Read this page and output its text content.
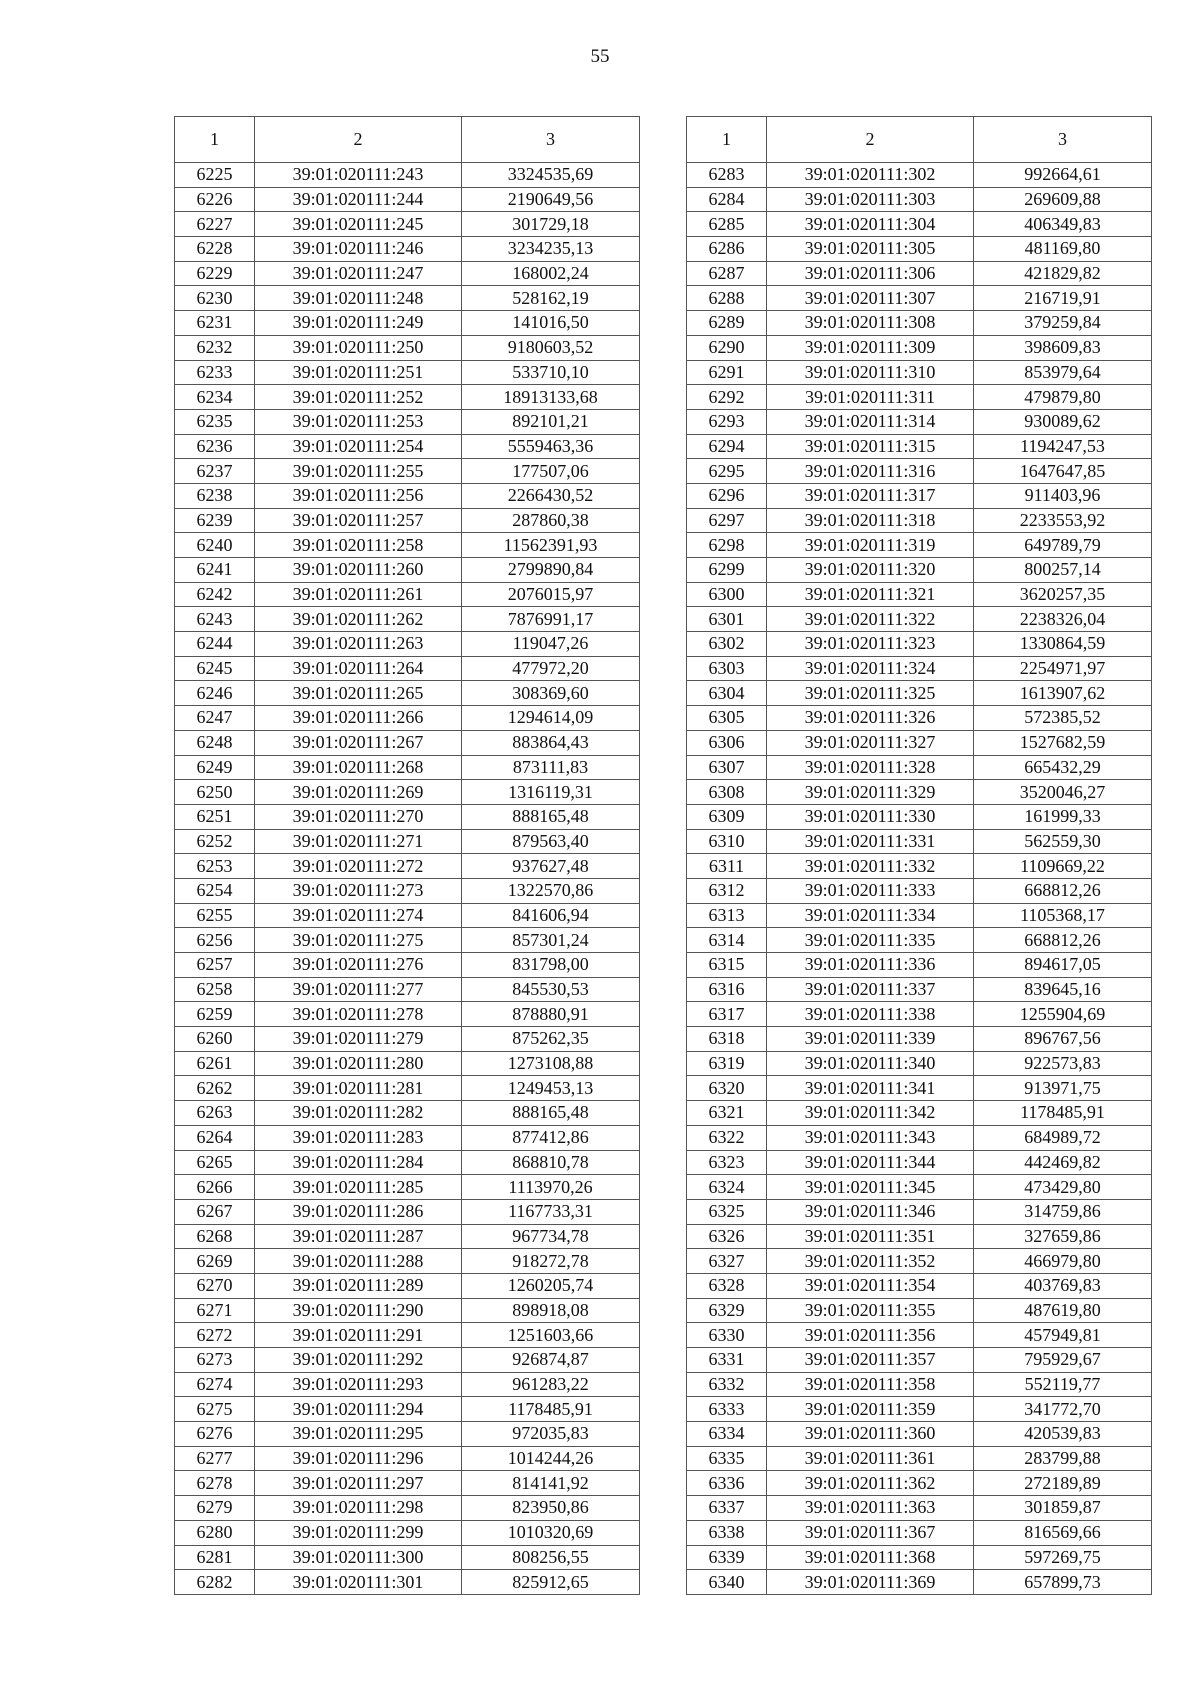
55
1	2	3
6225	39:01:020111:243	3324535,69
6226	39:01:020111:244	2190649,56
6227	39:01:020111:245	301729,18
6228	39:01:020111:246	3234235,13
6229	39:01:020111:247	168002,24
6230	39:01:020111:248	528162,19
6231	39:01:020111:249	141016,50
6232	39:01:020111:250	9180603,52
6233	39:01:020111:251	533710,10
6234	39:01:020111:252	18913133,68
6235	39:01:020111:253	892101,21
6236	39:01:020111:254	5559463,36
6237	39:01:020111:255	177507,06
6238	39:01:020111:256	2266430,52
6239	39:01:020111:257	287860,38
6240	39:01:020111:258	11562391,93
6241	39:01:020111:260	2799890,84
6242	39:01:020111:261	2076015,97
6243	39:01:020111:262	7876991,17
6244	39:01:020111:263	119047,26
6245	39:01:020111:264	477972,20
6246	39:01:020111:265	308369,60
6247	39:01:020111:266	1294614,09
6248	39:01:020111:267	883864,43
6249	39:01:020111:268	873111,83
6250	39:01:020111:269	1316119,31
6251	39:01:020111:270	888165,48
6252	39:01:020111:271	879563,40
6253	39:01:020111:272	937627,48
6254	39:01:020111:273	1322570,86
6255	39:01:020111:274	841606,94
6256	39:01:020111:275	857301,24
6257	39:01:020111:276	831798,00
6258	39:01:020111:277	845530,53
6259	39:01:020111:278	878880,91
6260	39:01:020111:279	875262,35
6261	39:01:020111:280	1273108,88
6262	39:01:020111:281	1249453,13
6263	39:01:020111:282	888165,48
6264	39:01:020111:283	877412,86
6265	39:01:020111:284	868810,78
6266	39:01:020111:285	1113970,26
6267	39:01:020111:286	1167733,31
6268	39:01:020111:287	967734,78
6269	39:01:020111:288	918272,78
6270	39:01:020111:289	1260205,74
6271	39:01:020111:290	898918,08
6272	39:01:020111:291	1251603,66
6273	39:01:020111:292	926874,87
6274	39:01:020111:293	961283,22
6275	39:01:020111:294	1178485,91
6276	39:01:020111:295	972035,83
6277	39:01:020111:296	1014244,26
6278	39:01:020111:297	814141,92
6279	39:01:020111:298	823950,86
6280	39:01:020111:299	1010320,69
6281	39:01:020111:300	808256,55
6282	39:01:020111:301	825912,65
1	2	3
6283	39:01:020111:302	992664,61
6284	39:01:020111:303	269609,88
6285	39:01:020111:304	406349,83
6286	39:01:020111:305	481169,80
6287	39:01:020111:306	421829,82
6288	39:01:020111:307	216719,91
6289	39:01:020111:308	379259,84
6290	39:01:020111:309	398609,83
6291	39:01:020111:310	853979,64
6292	39:01:020111:311	479879,80
6293	39:01:020111:314	930089,62
6294	39:01:020111:315	1194247,53
6295	39:01:020111:316	1647647,85
6296	39:01:020111:317	911403,96
6297	39:01:020111:318	2233553,92
6298	39:01:020111:319	649789,79
6299	39:01:020111:320	800257,14
6300	39:01:020111:321	3620257,35
6301	39:01:020111:322	2238326,04
6302	39:01:020111:323	1330864,59
6303	39:01:020111:324	2254971,97
6304	39:01:020111:325	1613907,62
6305	39:01:020111:326	572385,52
6306	39:01:020111:327	1527682,59
6307	39:01:020111:328	665432,29
6308	39:01:020111:329	3520046,27
6309	39:01:020111:330	161999,33
6310	39:01:020111:331	562559,30
6311	39:01:020111:332	1109669,22
6312	39:01:020111:333	668812,26
6313	39:01:020111:334	1105368,17
6314	39:01:020111:335	668812,26
6315	39:01:020111:336	894617,05
6316	39:01:020111:337	839645,16
6317	39:01:020111:338	1255904,69
6318	39:01:020111:339	896767,56
6319	39:01:020111:340	922573,83
6320	39:01:020111:341	913971,75
6321	39:01:020111:342	1178485,91
6322	39:01:020111:343	684989,72
6323	39:01:020111:344	442469,82
6324	39:01:020111:345	473429,80
6325	39:01:020111:346	314759,86
6326	39:01:020111:351	327659,86
6327	39:01:020111:352	466979,80
6328	39:01:020111:354	403769,83
6329	39:01:020111:355	487619,80
6330	39:01:020111:356	457949,81
6331	39:01:020111:357	795929,67
6332	39:01:020111:358	552119,77
6333	39:01:020111:359	341772,70
6334	39:01:020111:360	420539,83
6335	39:01:020111:361	283799,88
6336	39:01:020111:362	272189,89
6337	39:01:020111:363	301859,87
6338	39:01:020111:367	816569,66
6339	39:01:020111:368	597269,75
6340	39:01:020111:369	657899,73
